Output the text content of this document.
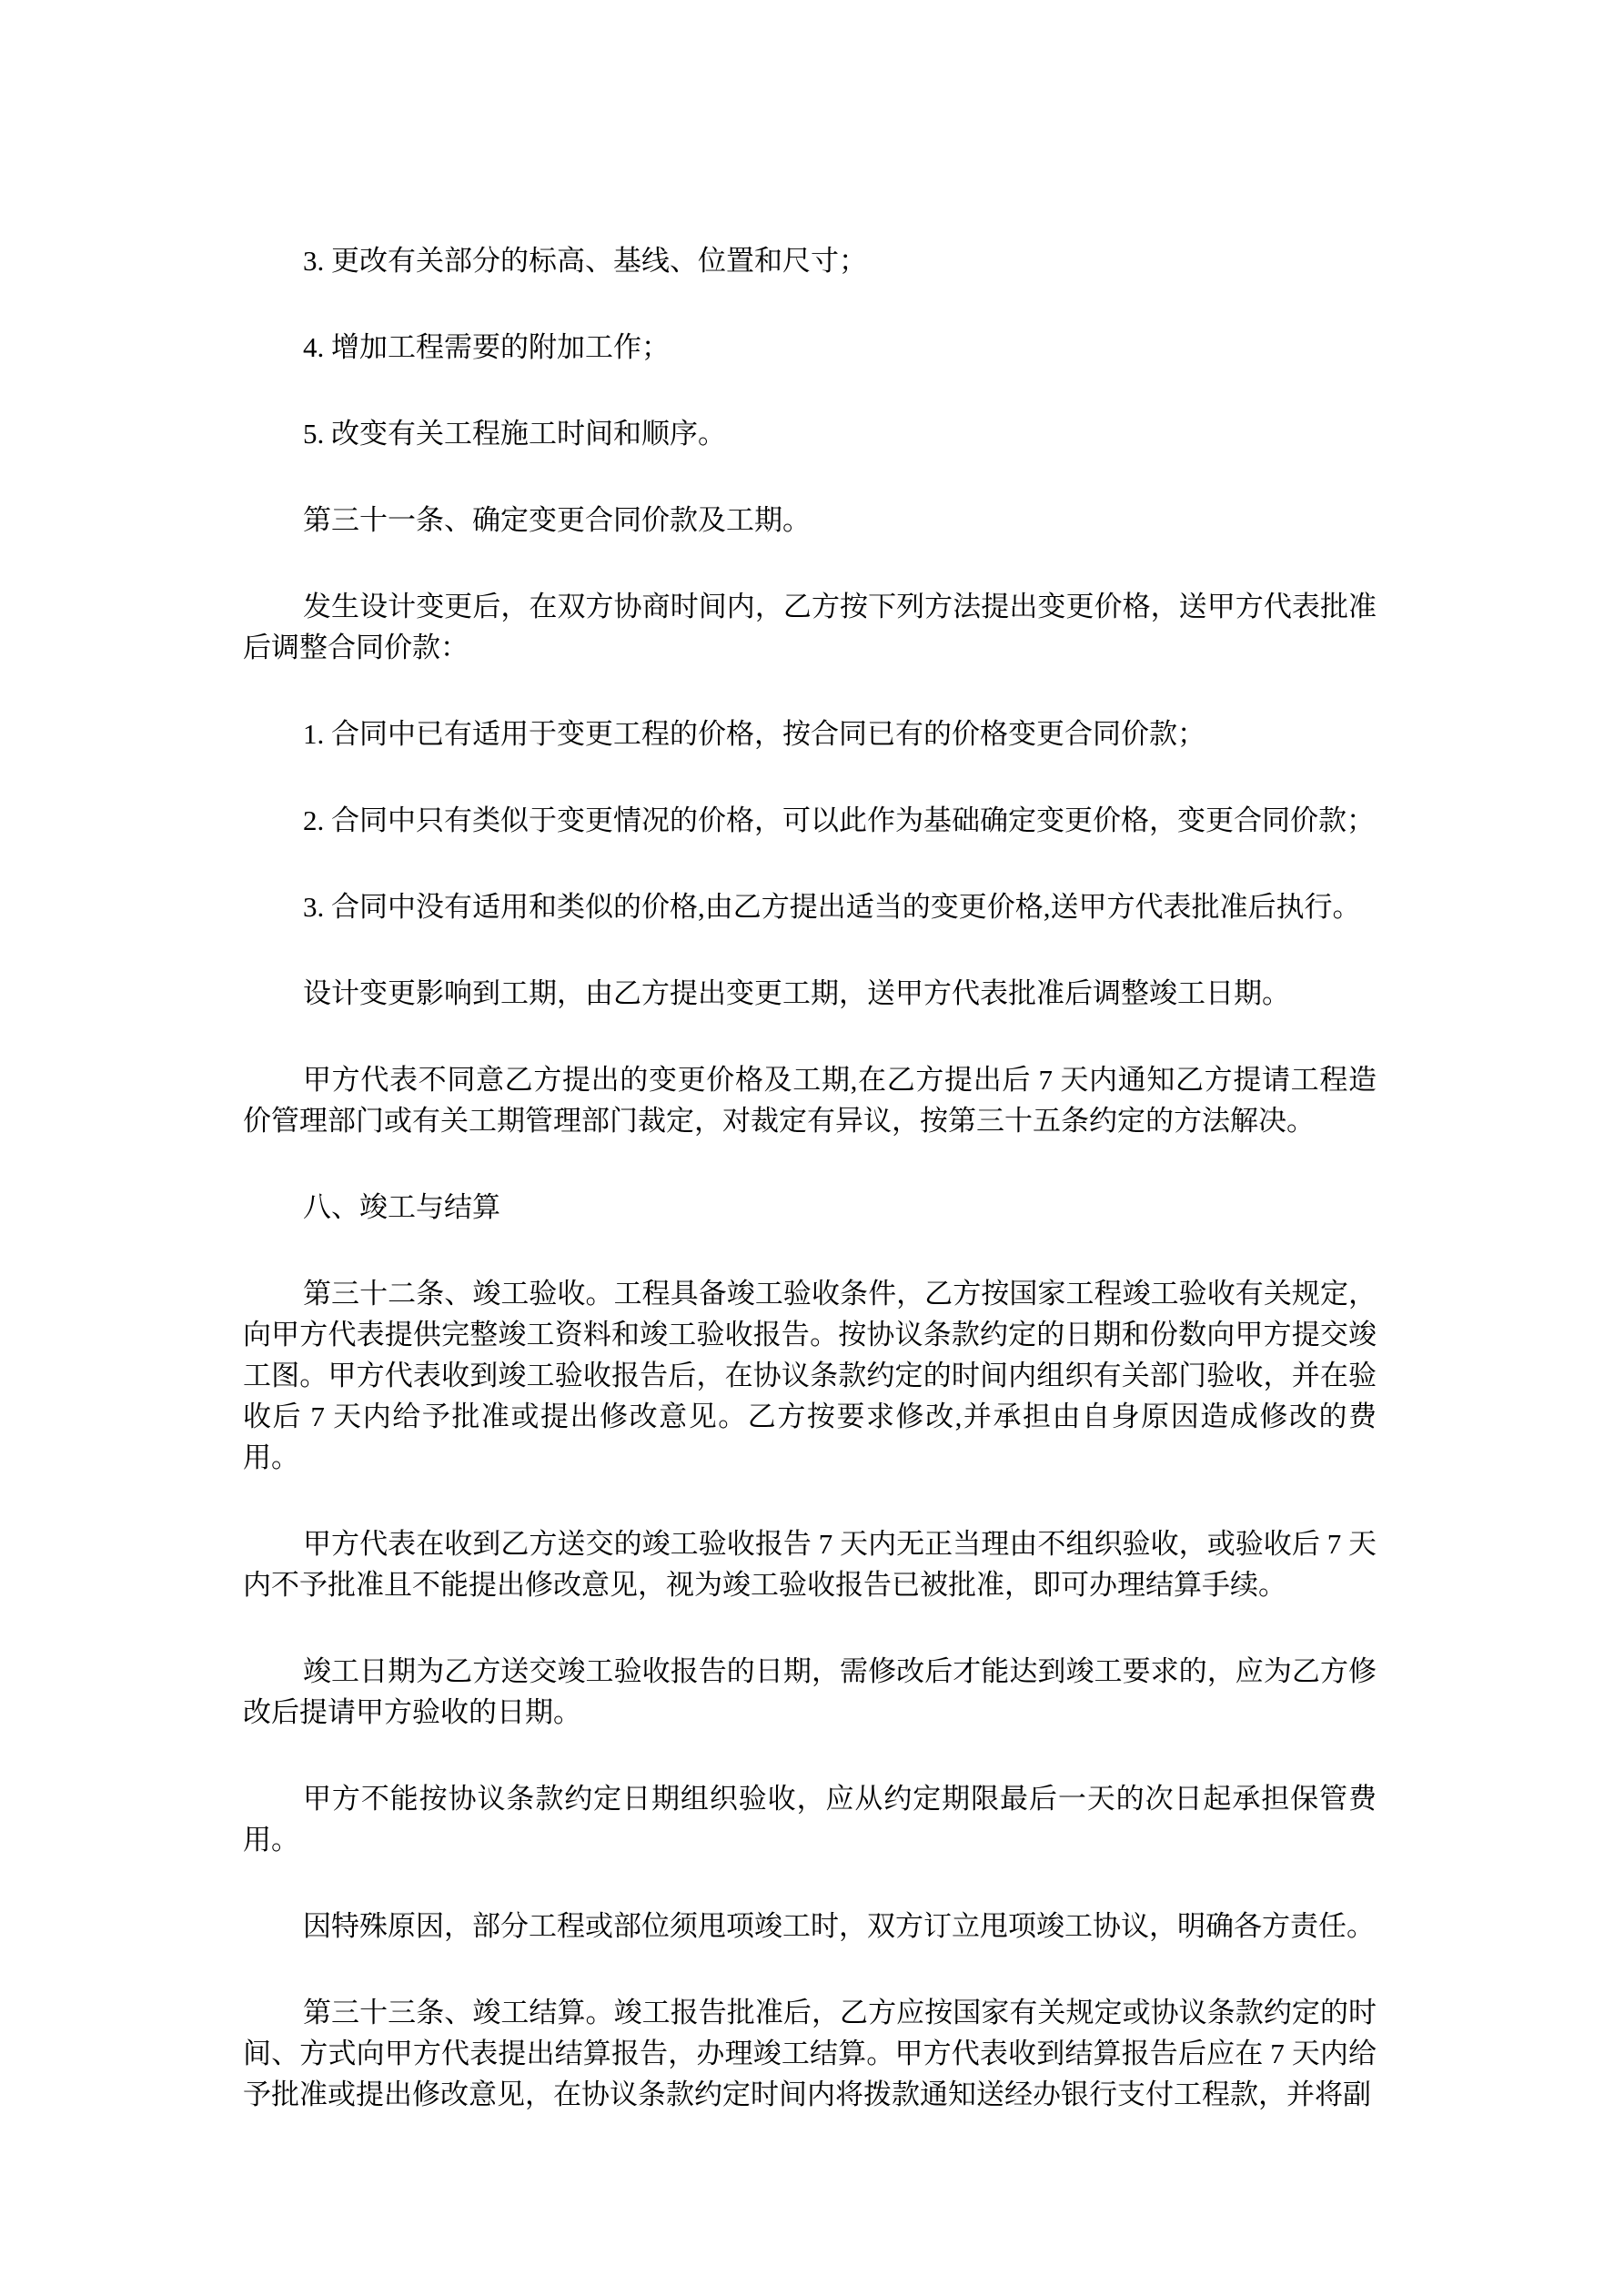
3. 更改有关部分的标高、基线、位置和尺寸；

4. 增加工程需要的附加工作；

5. 改变有关工程施工时间和顺序。

第三十一条、确定变更合同价款及工期。

发生设计变更后，在双方协商时间内，乙方按下列方法提出变更价格，送甲方代表批准后调整合同价款：

1. 合同中已有适用于变更工程的价格，按合同已有的价格变更合同价款；

2. 合同中只有类似于变更情况的价格，可以此作为基础确定变更价格，变更合同价款；

3. 合同中没有适用和类似的价格,由乙方提出适当的变更价格,送甲方代表批准后执行。

设计变更影响到工期，由乙方提出变更工期，送甲方代表批准后调整竣工日期。

甲方代表不同意乙方提出的变更价格及工期,在乙方提出后 7 天内通知乙方提请工程造价管理部门或有关工期管理部门裁定，对裁定有异议，按第三十五条约定的方法解决。

八、竣工与结算

第三十二条、竣工验收。工程具备竣工验收条件，乙方按国家工程竣工验收有关规定，向甲方代表提供完整竣工资料和竣工验收报告。按协议条款约定的日期和份数向甲方提交竣工图。甲方代表收到竣工验收报告后，在协议条款约定的时间内组织有关部门验收，并在验收后 7 天内给予批准或提出修改意见。乙方按要求修改,并承担由自身原因造成修改的费用。

甲方代表在收到乙方送交的竣工验收报告 7 天内无正当理由不组织验收，或验收后 7 天内不予批准且不能提出修改意见，视为竣工验收报告已被批准，即可办理结算手续。

竣工日期为乙方送交竣工验收报告的日期，需修改后才能达到竣工要求的，应为乙方修改后提请甲方验收的日期。

甲方不能按协议条款约定日期组织验收，应从约定期限最后一天的次日起承担保管费用。

因特殊原因，部分工程或部位须甩项竣工时，双方订立甩项竣工协议，明确各方责任。

第三十三条、竣工结算。竣工报告批准后，乙方应按国家有关规定或协议条款约定的时间、方式向甲方代表提出结算报告，办理竣工结算。甲方代表收到结算报告后应在 7 天内给予批准或提出修改意见，在协议条款约定时间内将拨款通知送经办银行支付工程款，并将副
